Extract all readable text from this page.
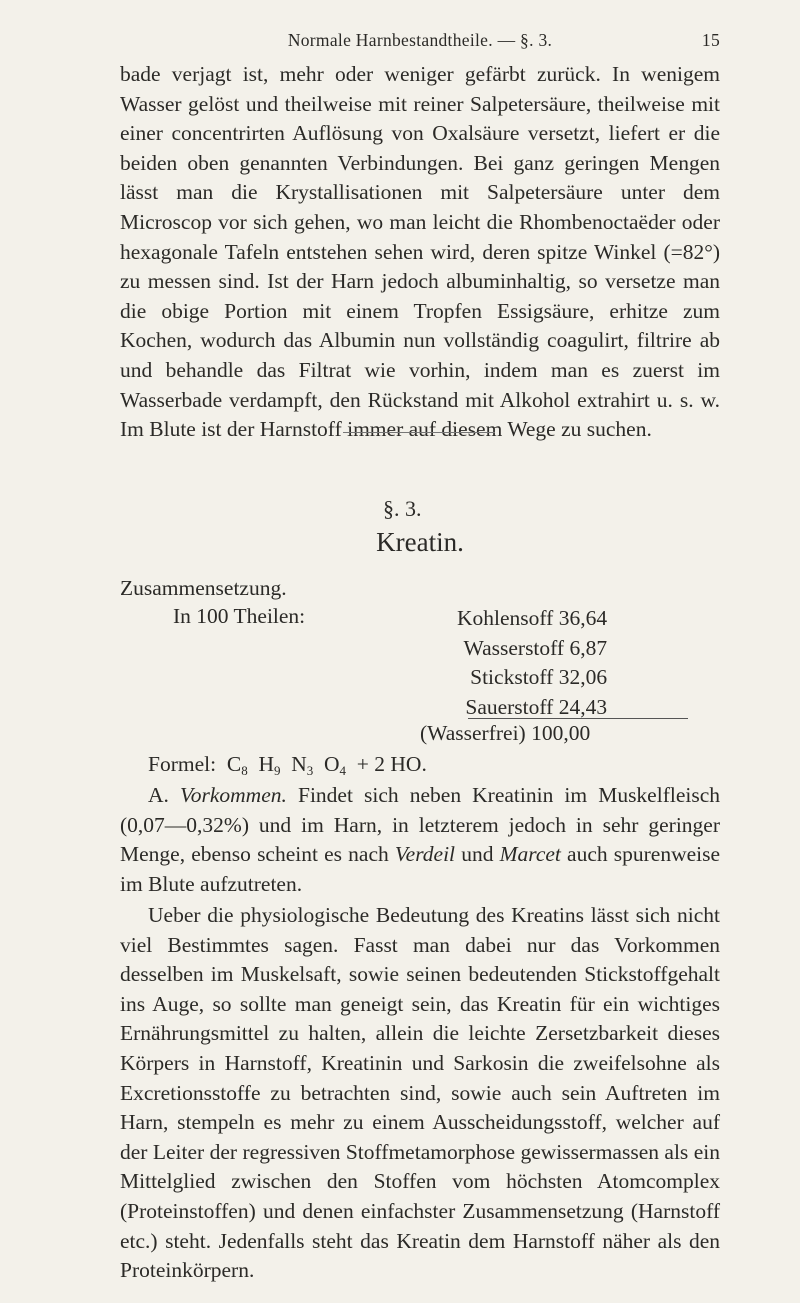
Normale Harnbestandtheile. — §. 3.	15

bade verjagt ist, mehr oder weniger gefärbt zurück. In wenigem Wasser gelöst und theilweise mit reiner Salpetersäure, theilweise mit einer concentrirten Auflösung von Oxalsäure versetzt, liefert er die beiden oben genannten Verbindungen. Bei ganz geringen Mengen lässt man die Krystallisationen mit Salpetersäure unter dem Microscop vor sich gehen, wo man leicht die Rhombenoctaëder oder hexagonale Tafeln entstehen sehen wird, deren spitze Winkel (=82°) zu messen sind. Ist der Harn jedoch albuminhaltig, so versetze man die obige Portion mit einem Tropfen Essigsäure, erhitze zum Kochen, wodurch das Albumin nun vollständig coagulirt, filtrire ab und behandle das Filtrat wie vorhin, indem man es zuerst im Wasserbade verdampft, den Rückstand mit Alkohol extrahirt u. s. w. Im Blute ist der Harnstoff immer auf diesem Wege zu suchen.

§. 3.
Kreatin.
Zusammensetzung.
In 100 Theilen:	Kohlensoff 36,64
Wasserstoff 6,87
Stickstoff 32,06
Sauerstoff 24,43
(Wasserfrei) 100,00
Formel: $C_8$ $H_9$ $N_3$ $O_4 + 2$ HO.

A. Vorkommen. Findet sich neben Kreatinin im Muskelfleisch (0,07—0,32%) und im Harn, in letzterem jedoch in sehr geringer Menge, ebenso scheint es nach Verdeil und Marcet auch spurenweise im Blute aufzutreten.

Ueber die physiologische Bedeutung des Kreatins lässt sich nicht viel Bestimmtes sagen. Fasst man dabei nur das Vorkommen desselben im Muskelsaft, sowie seinen bedeutenden Stickstoffgehalt ins Auge, so sollte man geneigt sein, das Kreatin für ein wichtiges Ernährungsmittel zu halten, allein die leichte Zersetzbarkeit dieses Körpers in Harnstoff, Kreatinin und Sarkosin die zweifelsohne als Excretionsstoffe zu betrachten sind, sowie auch sein Auftreten im Harn, stempeln es mehr zu einem Ausscheidungsstoff, welcher auf der Leiter der regressiven Stoffmetamorphose gewissermassen als ein Mittelglied zwischen den Stoffen vom höchsten Atomcomplex (Proteinstoffen) und denen einfachster Zusammensetzung (Harnstoff etc.) steht. Jedenfalls steht das Kreatin dem Harnstoff näher als den Proteinkörpern.
